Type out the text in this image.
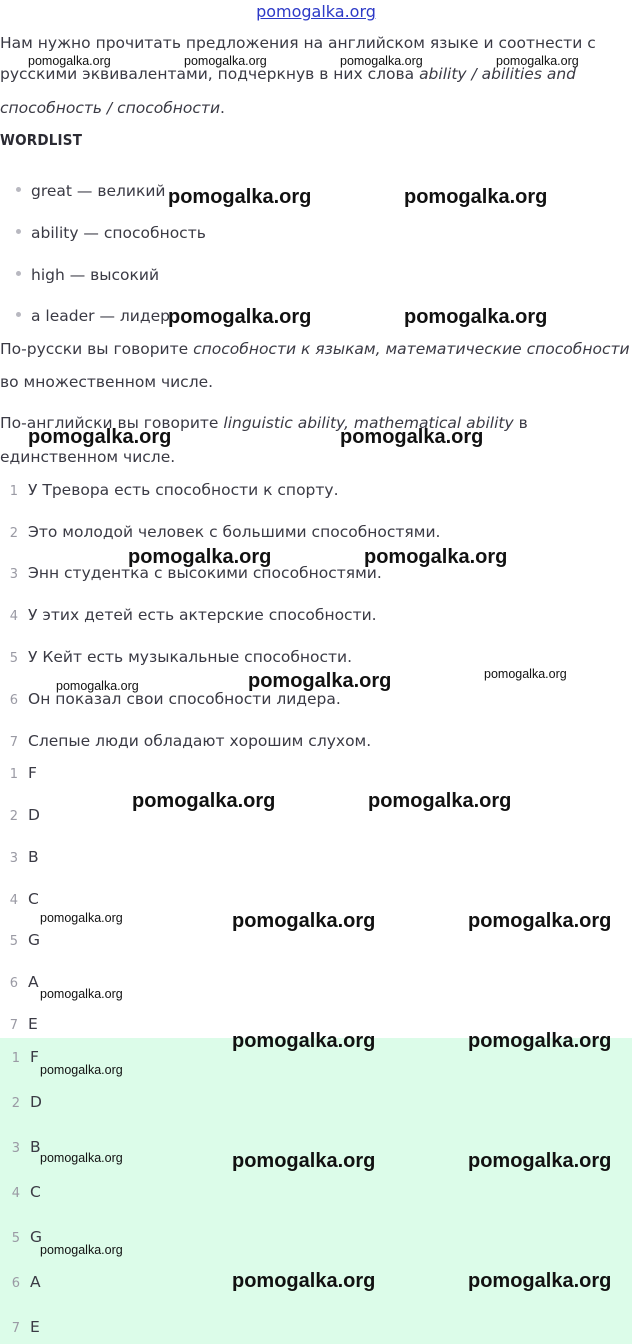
pomogalka.org
Нам нужно прочитать предложения на английском языке и соотнести с
русскими эквивалентами, подчеркнув в них слова ability / abilities and
способность / способности.
WORDLIST
great — великий
ability — способность
high — высокий
a leader — лидер
По-русски вы говорите способности к языкам, математические способности
во множественном числе.
По-английски вы говорите linguistic ability, mathematical ability в
единственном числе.
1 У Тревора есть способности к спорту.
2 Это молодой человек с большими способностями.
3 Энн студентка с высокими способностями.
4 У этих детей есть актерские способности.
5 У Кейт есть музыкальные способности.
6 Он показал свои способности лидера.
7 Слепые люди обладают хорошим слухом.
1 F
2 D
3 B
4 C
5 G
6 A
7 E
1 F
2 D
3 B
4 C
5 G
6 A
7 E
pomogalka.org	pomogalka.org	pomogalka.org	pomogalka.org
pomogalka.org	pomogalka.org
pomogalka.org	pomogalka.org
pomogalka.org	pomogalka.org
pomogalka.org	pomogalka.org
pomogalka.org
pomogalka.org
pomogalka.org
pomogalka.org	pomogalka.org
pomogalka.org	pomogalka.org	pomogalka.org
pomogalka.org
pomogalka.org	pomogalka.org
pomogalka.org
pomogalka.org	pomogalka.org	pomogalka.org
pomogalka.org
pomogalka.org	pomogalka.org
